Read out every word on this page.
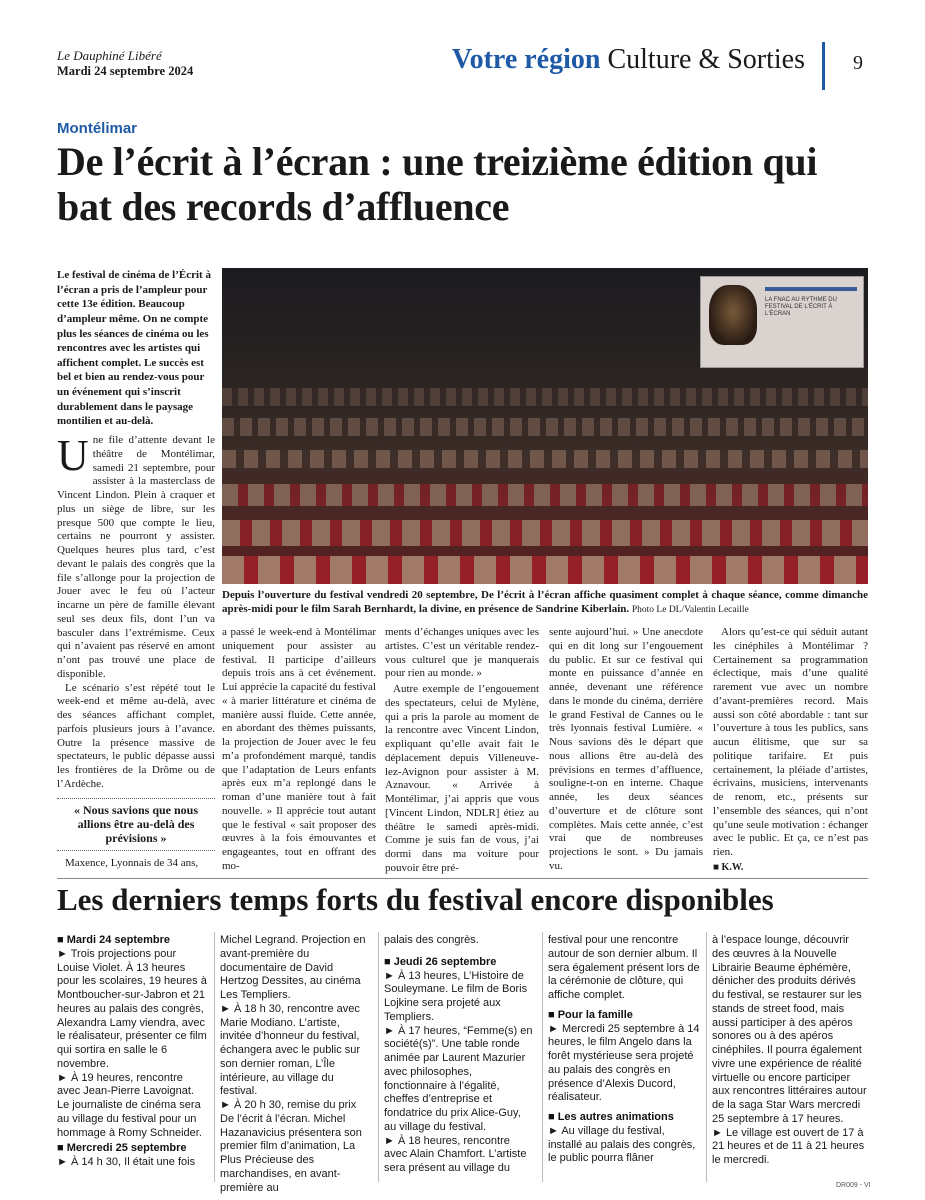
Le Dauphiné Libéré
Mardi 24 septembre 2024	Votre région Culture & Sorties 9
Montélimar
De l’écrit à l’écran : une treizième édition qui bat des records d’affluence
Le festival de cinéma de l’Écrit à l’écran a pris de l’ampleur pour cette 13e édition. Beaucoup d’ampleur même. On ne compte plus les séances de cinéma ou les rencontres avec les artistes qui affichent complet. Le succès est bel et bien au rendez-vous pour un événement qui s’inscrit durablement dans le paysage montilien et au-delà.
LA FNAC AU RYTHME DU FESTIVAL DE L'ÉCRIT À L'ÉCRAN
Depuis l’ouverture du festival vendredi 20 septembre, De l’écrit à l’écran affiche quasiment complet à chaque séance, comme dimanche après-midi pour le film Sarah Bernhardt, la divine, en présence de Sandrine Kiberlain. Photo Le DL/Valentin Lecaille
U ne file d’attente devant le théâtre de Montélimar, samedi 21 septembre, pour assister à la masterclass de Vincent Lindon. Plein à craquer et plus un siège de libre, sur les presque 500 que compte le lieu, certains ne pourront y assister. Quelques heures plus tard, c’est devant le palais des congrès que la file s’allonge pour la projection de Jouer avec le feu où l’acteur incarne un père de famille élevant seul ses deux fils, dont l’un va basculer dans l’extrémisme. Ceux qui n’avaient pas réservé en amont n’ont pas trouvé une place de disponible.

Le scénario s’est répété tout le week-end et même au-delà, avec des séances affichant complet, parfois plusieurs jours à l’avance. Outre la présence massive de spectateurs, le public dépasse aussi les frontières de la Drôme ou de l’Ardèche.

« Nous savions que nous allions être au-delà des prévisions »

Maxence, Lyonnais de 34 ans,

a passé le week-end à Montélimar uniquement pour assister au festival. Il participe d’ailleurs depuis trois ans à cet événement. Lui apprécie la capacité du festival « à marier littérature et cinéma de manière aussi fluide. Cette année, en abordant des thèmes puissants, la projection de Jouer avec le feu m’a profondément marqué, tandis que l’adaptation de Leurs enfants après eux m’a replongé dans le roman d’une manière tout à fait nouvelle. » Il apprécie tout autant que le festival « sait proposer des œuvres à la fois émouvantes et engageantes, tout en offrant des mo-

ments d’échanges uniques avec les artistes. C’est un véritable rendez-vous culturel que je manquerais pour rien au monde. »

Autre exemple de l’engouement des spectateurs, celui de Mylène, qui a pris la parole au moment de la rencontre avec Vincent Lindon, expliquant qu’elle avait fait le déplacement depuis Villeneuve-lez-Avignon pour assister à M. Aznavour. « Arrivée à Montélimar, j’ai appris que vous [Vincent Lindon, NDLR] étiez au théâtre le samedi après-midi. Comme je suis fan de vous, j’ai dormi dans ma voiture pour pouvoir être pré-

sente aujourd’hui. » Une anecdote qui en dit long sur l’engouement du public. Et sur ce festival qui monte en puissance d’année en année, devenant une référence dans le monde du cinéma, derrière le grand Festival de Cannes ou le très lyonnais festival Lumière. « Nous savions dès le départ que nous allions être au-delà des prévisions en termes d’affluence, souligne-t-on en interne. Chaque année, les deux séances d’ouverture et de clôture sont complètes. Mais cette année, c’est vrai que de nombreuses projections le sont. » Du jamais vu.

Alors qu’est-ce qui séduit autant les cinéphiles à Montélimar ? Certainement sa programmation éclectique, mais d’une qualité rarement vue avec un nombre d’avant-premières record. Mais aussi son côté abordable : tant sur l’ouverture à tous les publics, sans aucun élitisme, que sur sa politique tarifaire. Et puis certainement, la pléiade d’artistes, écrivains, musiciens, intervenants de renom, etc., présents sur l’ensemble des séances, qui n’ont qu’une seule motivation : échanger avec le public. Et ça, ce n’est pas rien.

■ K.W.
Les derniers temps forts du festival encore disponibles

■ Mardi 24 septembre

► Trois projections pour Louise Violet. À 13 heures pour les scolaires, 19 heures à Montboucher-sur-Jabron et 21 heures au palais des congrès, Alexandra Lamy viendra, avec le réalisateur, présenter ce film qui sortira en salle le 6 novembre.

► À 19 heures, rencontre avec Jean-Pierre Lavoignat. Le journaliste de cinéma sera au village du festival pour un hommage à Romy Schneider.

■ Mercredi 25 septembre

► À 14 h 30, Il était une fois

Michel Legrand. Projection en avant-première du documentaire de David Hertzog Dessites, au cinéma Les Templiers.

► À 18 h 30, rencontre avec Marie Modiano. L’artiste, invitée d’honneur du festival, échangera avec le public sur son dernier roman, L’Île intérieure, au village du festival.

► À 20 h 30, remise du prix De l’écrit à l’écran. Michel Hazanavicius présentera son premier film d’animation, La Plus Précieuse des marchandises, en avant-première au

palais des congrès.

■ Jeudi 26 septembre

► À 13 heures, L’Histoire de Souleymane. Le film de Boris Lojkine sera projeté aux Templiers.

► À 17 heures, “Femme(s) en société(s)”. Une table ronde animée par Laurent Mazurier avec philosophes, fonctionnaire à l’égalité, cheffes d’entreprise et fondatrice du prix Alice-Guy, au village du festival.

► À 18 heures, rencontre avec Alain Chamfort. L’artiste sera présent au village du

festival pour une rencontre autour de son dernier album. Il sera également présent lors de la cérémonie de clôture, qui affiche complet.

■ Pour la famille

► Mercredi 25 septembre à 14 heures, le film Angelo dans la forêt mystérieuse sera projeté au palais des congrès en présence d’Alexis Ducord, réalisateur.

■ Les autres animations

► Au village du festival, installé au palais des congrès, le public pourra flâner

à l’espace lounge, découvrir des œuvres à la Nouvelle Librairie Beaume éphémère, dénicher des produits dérivés du festival, se restaurer sur les stands de street food, mais aussi participer à des apéros sonores ou à des apéros cinéphiles. Il pourra également vivre une expérience de réalité virtuelle ou encore participer aux rencontres littéraires autour de la saga Star Wars mercredi 25 septembre à 17 heures.

► Le village est ouvert de 17 à 21 heures et de 11 à 21 heures le mercredi.

DR009 - VI
